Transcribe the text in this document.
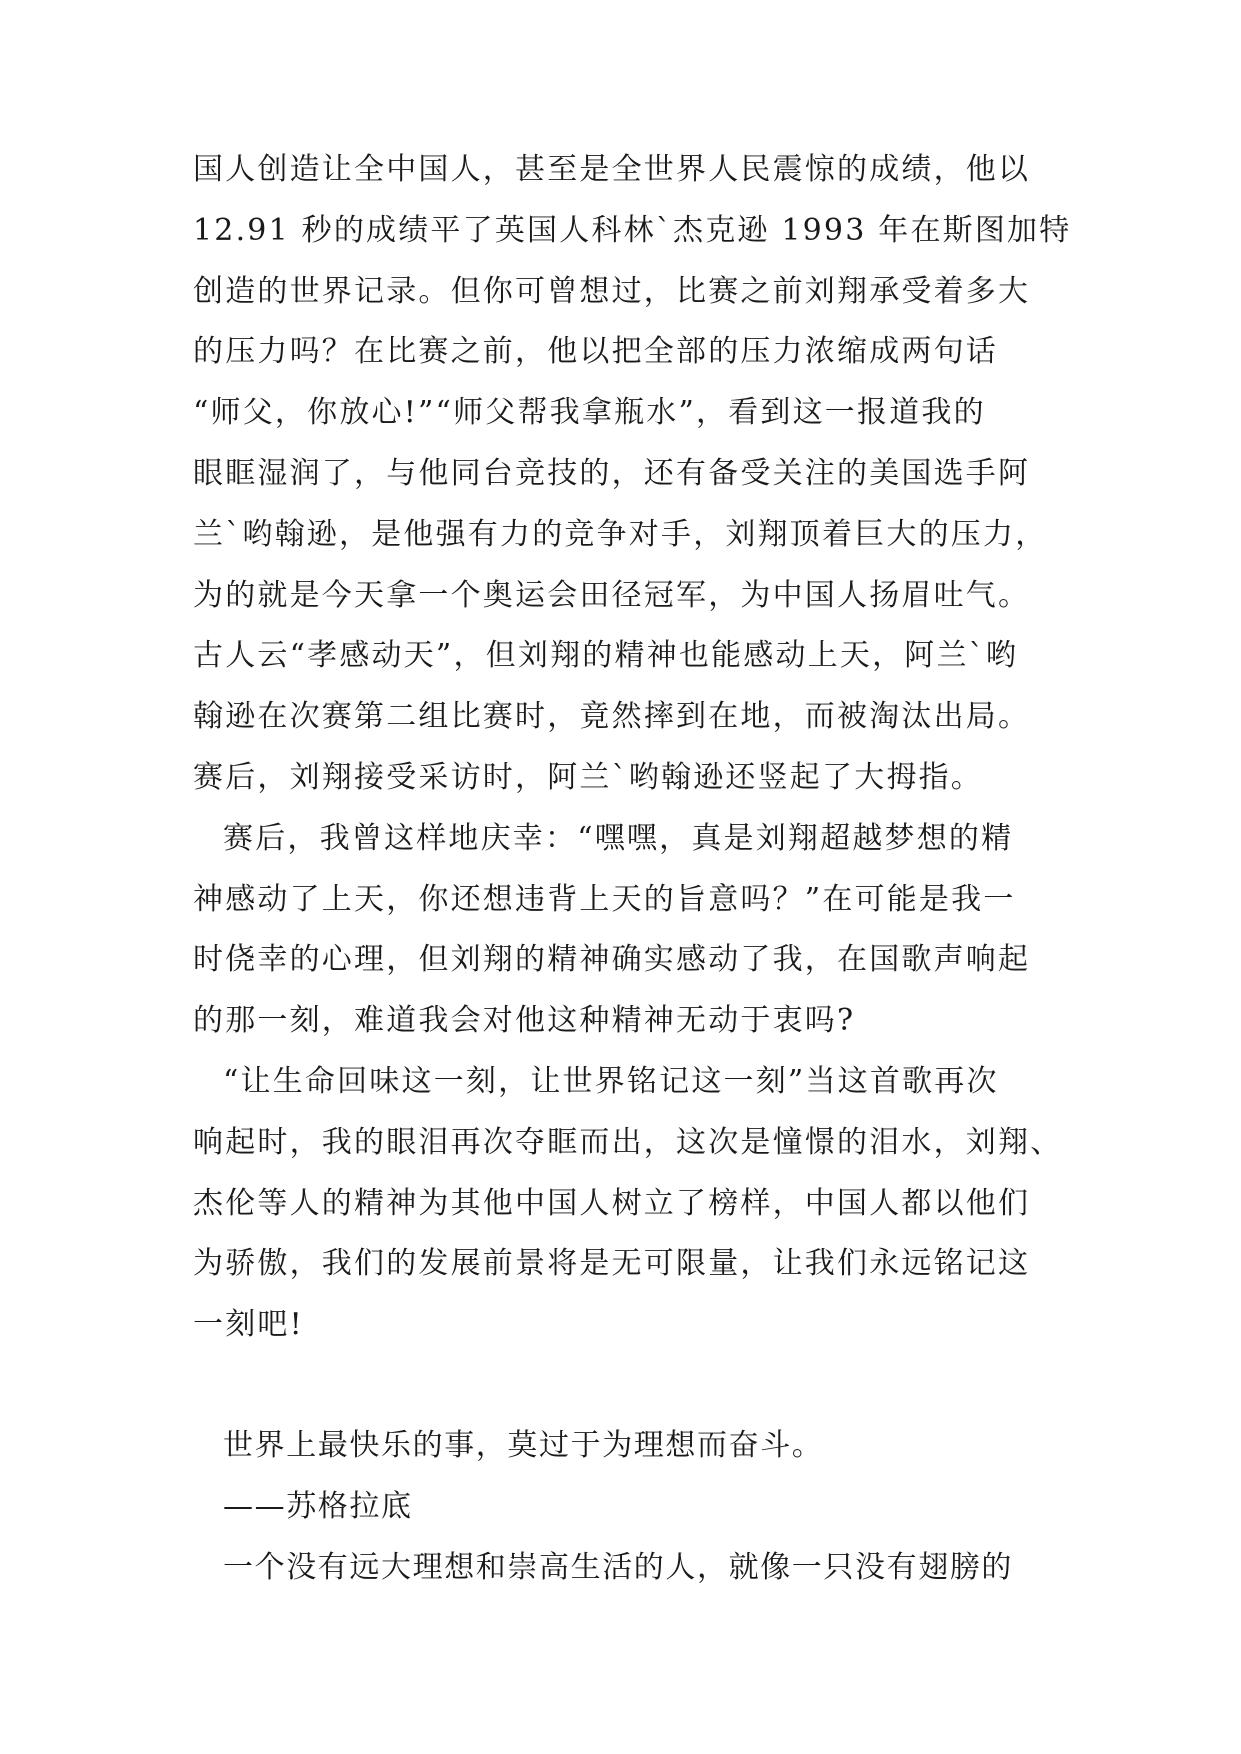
国人创造让全中国人，甚至是全世界人民震惊的成绩，他以
12.91 秒的成绩平了英国人科林`杰克逊 1993 年在斯图加特
创造的世界记录。但你可曾想过，比赛之前刘翔承受着多大
的压力吗？在比赛之前，他以把全部的压力浓缩成两句话
“师父，你放心!”“师父帮我拿瓶水”，看到这一报道我的
眼眶湿润了，与他同台竞技的，还有备受关注的美国选手阿
兰`哟翰逊，是他强有力的竞争对手，刘翔顶着巨大的压力，
为的就是今天拿一个奥运会田径冠军，为中国人扬眉吐气。
古人云“孝感动天”，但刘翔的精神也能感动上天，阿兰`哟
翰逊在次赛第二组比赛时，竟然摔到在地，而被淘汰出局。
赛后，刘翔接受采访时，阿兰`哟翰逊还竖起了大拇指。
赛后，我曾这样地庆幸：“嘿嘿，真是刘翔超越梦想的精
神感动了上天，你还想违背上天的旨意吗？”在可能是我一
时侥幸的心理，但刘翔的精神确实感动了我，在国歌声响起
的那一刻，难道我会对他这种精神无动于衷吗?
“让生命回味这一刻，让世界铭记这一刻”当这首歌再次
响起时，我的眼泪再次夺眶而出，这次是憧憬的泪水，刘翔、
杰伦等人的精神为其他中国人树立了榜样，中国人都以他们
为骄傲，我们的发展前景将是无可限量，让我们永远铭记这
一刻吧!
世界上最快乐的事，莫过于为理想而奋斗。
——苏格拉底
一个没有远大理想和崇高生活的人，就像一只没有翅膀的
